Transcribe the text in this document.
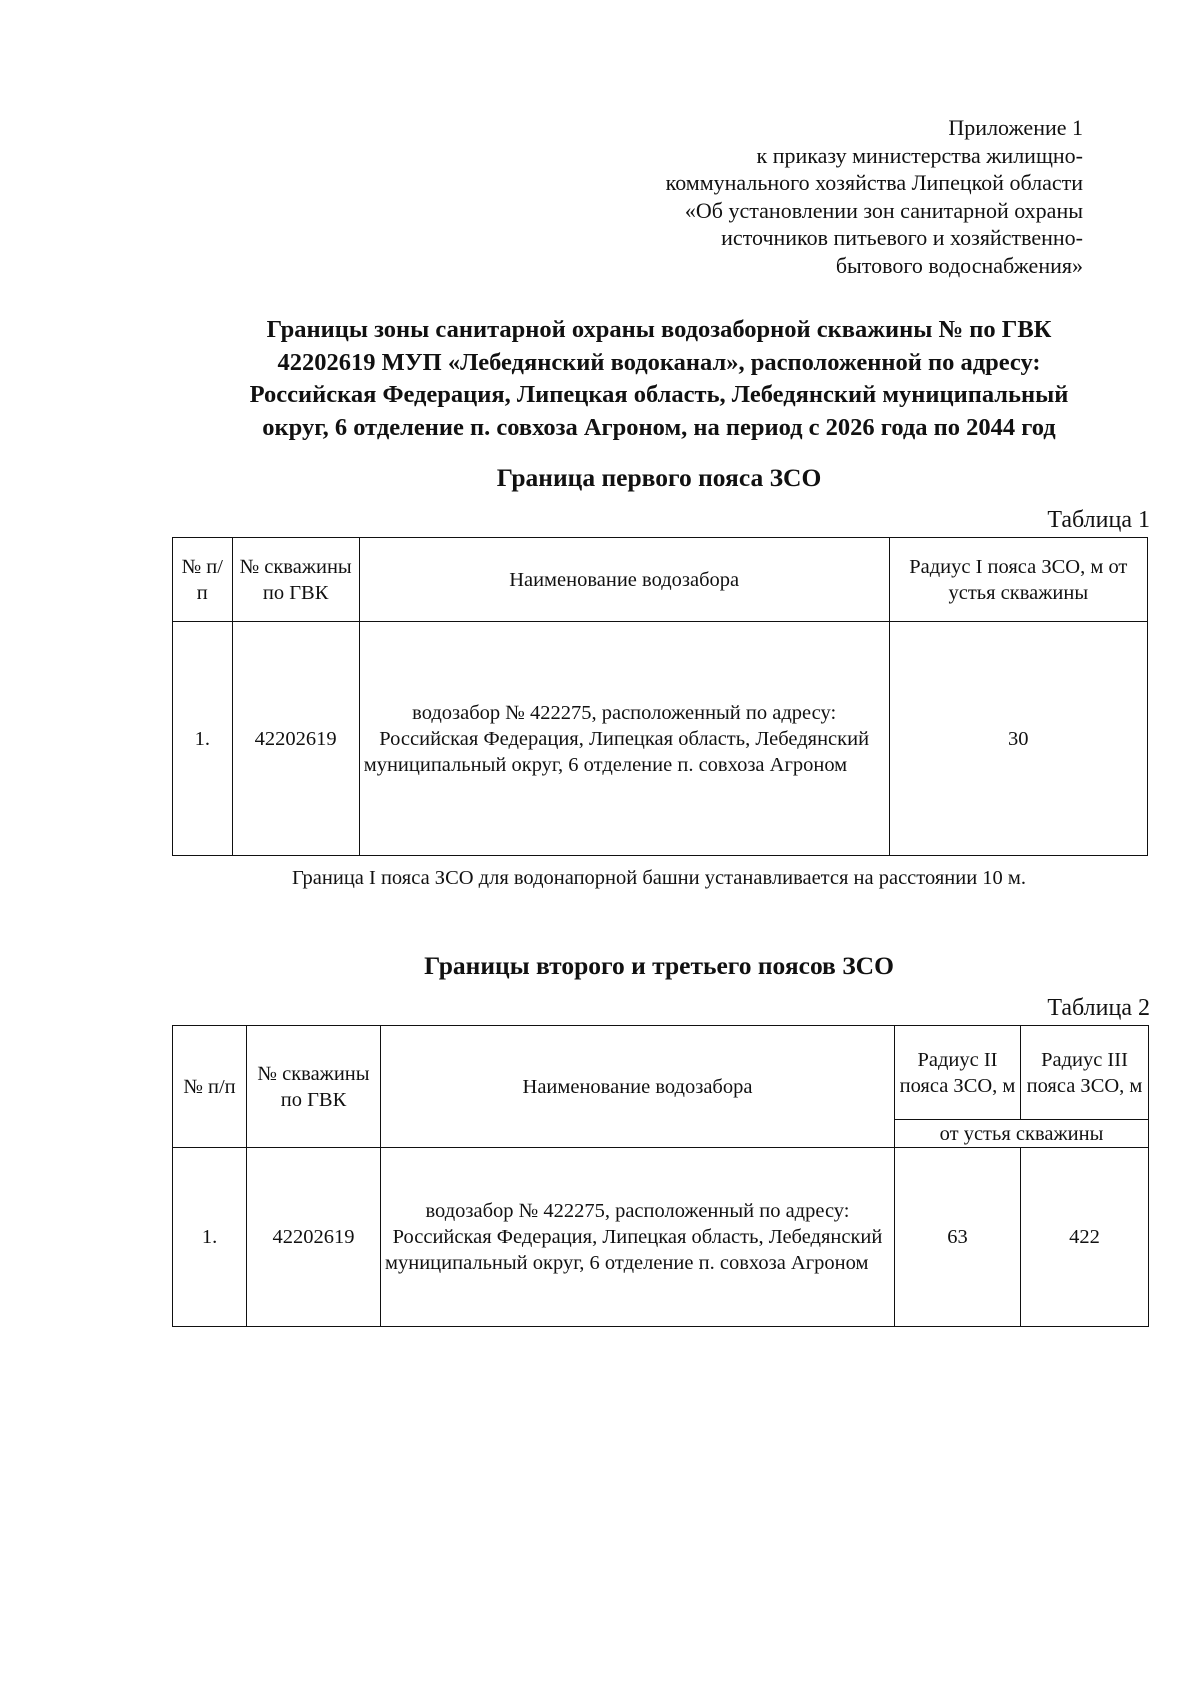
Приложение 1
к приказу министерства жилищно-
коммунального хозяйства Липецкой области
«Об установлении зон санитарной охраны
источников питьевого и хозяйственно-
бытового водоснабжения»
Границы зоны санитарной охраны водозаборной скважины № по ГВК
42202619 МУП «Лебедянский водоканал», расположенной по адресу:
Российская Федерация, Липецкая область, Лебедянский муниципальный
округ, 6 отделение п. совхоза Агроном, на период с 2026 года по 2044 год
Граница первого пояса ЗСО
Таблица 1
№ п/п	№ скважины по ГВК	Наименование водозабора	Радиус I пояса ЗСО, м от устья скважины
1.	42202619	водозабор № 422275, расположенный по адресу: Российская Федерация, Липецкая область, Лебедянский муниципальный округ, 6 отделение п. совхоза Агроном	30
Граница I пояса ЗСО для водонапорной башни устанавливается на расстоянии 10 м.
Границы второго и третьего поясов ЗСО
Таблица 2
№ п/п	№ скважины по ГВК	Наименование водозабора	Радиус II пояса ЗСО, м	Радиус III пояса ЗСО, м
			от устья скважины	
1.	42202619	водозабор № 422275, расположенный по адресу: Российская Федерация, Липецкая область, Лебедянский муниципальный округ, 6 отделение п. совхоза Агроном	63	422
